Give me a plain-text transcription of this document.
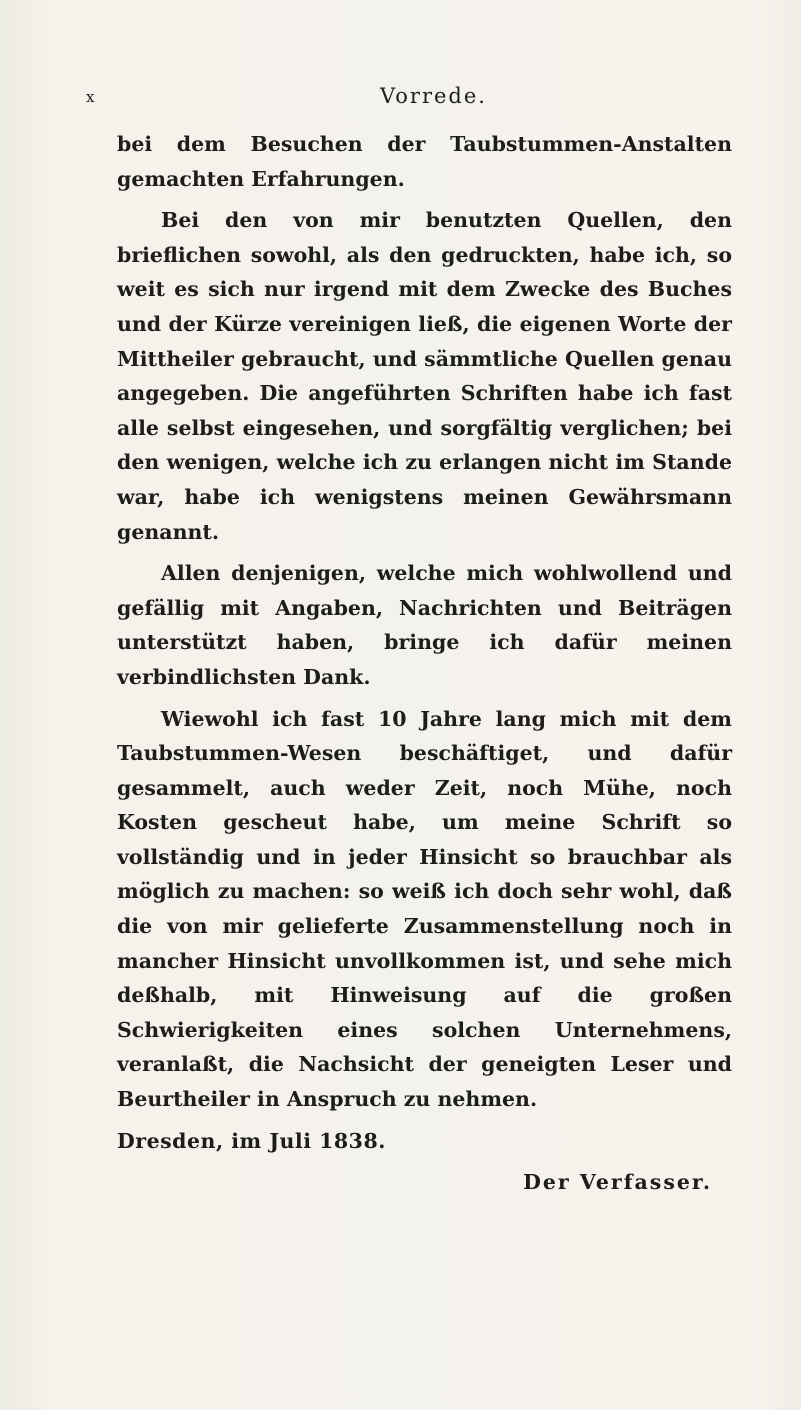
x	Vorrede.

bei dem Besuchen der Taubstummen-Anstalten gemachten Erfahrungen.

Bei den von mir benutzten Quellen, den brieflichen sowohl, als den gedruckten, habe ich, so weit es sich nur irgend mit dem Zwecke des Buches und der Kürze vereinigen ließ, die eigenen Worte der Mittheiler gebraucht, und sämmtliche Quellen genau angegeben. Die angeführten Schriften habe ich fast alle selbst eingesehen, und sorgfältig verglichen; bei den wenigen, welche ich zu erlangen nicht im Stande war, habe ich wenigstens meinen Gewährsmann genannt.

Allen denjenigen, welche mich wohlwollend und gefällig mit Angaben, Nachrichten und Beiträgen unterstützt haben, bringe ich dafür meinen verbindlichsten Dank.

Wiewohl ich fast 10 Jahre lang mich mit dem Taubstummen-Wesen beschäftiget, und dafür gesammelt, auch weder Zeit, noch Mühe, noch Kosten gescheut habe, um meine Schrift so vollständig und in jeder Hinsicht so brauchbar als möglich zu machen: so weiß ich doch sehr wohl, daß die von mir gelieferte Zusammenstellung noch in mancher Hinsicht unvollkommen ist, und sehe mich deßhalb, mit Hinweisung auf die großen Schwierigkeiten eines solchen Unternehmens, veranlaßt, die Nachsicht der geneigten Leser und Beurtheiler in Anspruch zu nehmen.

Dresden, im Juli 1838.

Der Verfasser.
